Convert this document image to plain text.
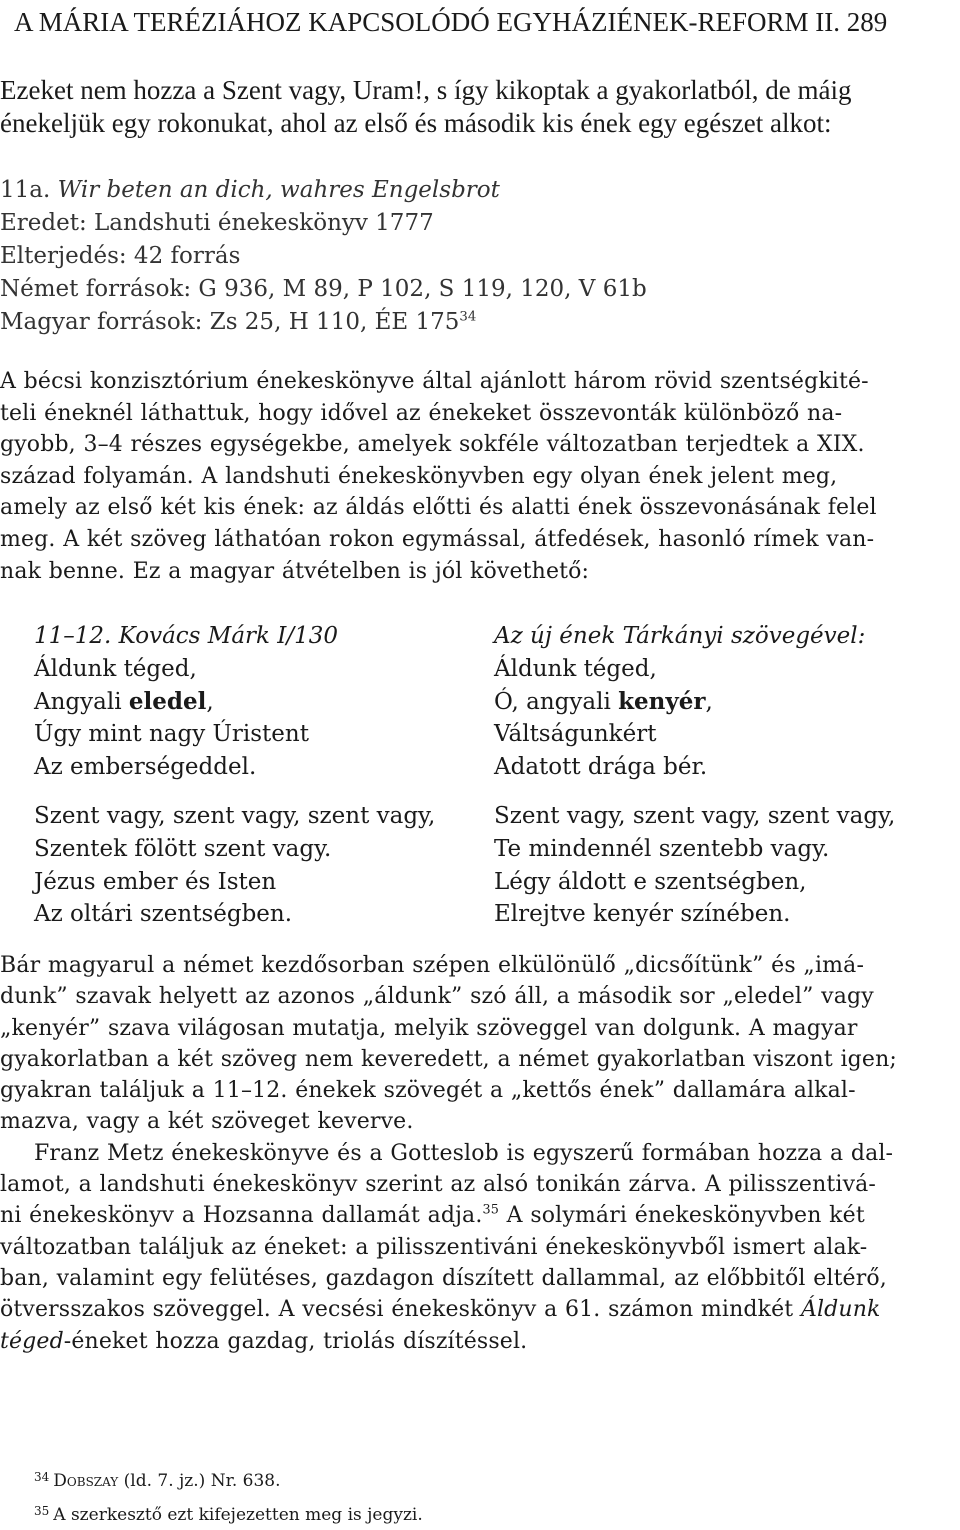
A MÁRIA TERÉZIÁHOZ KAPCSOLÓDÓ EGYHÁZIÉNEK-REFORM II. 289

Ezeket nem hozza a Szent vagy, Uram!, s így kikoptak a gyakorlatból, de máig

énekeljük egy rokonukat, ahol az első és második kis ének egy egészet alkot:

11a. Wir beten an dich, wahres Engelsbrot
Eredet: Landshuti énekeskönyv 1777
Elterjedés: 42 forrás
Német források: G 936, M 89, P 102, S 119, 120, V 61b
Magyar források: Zs 25, H 110, ÉE $175^{34}$

A bécsi konzisztórium énekeskönyve által ajánlott három rövid szentségkité-

teli éneknél láthattuk, hogy idővel az énekeket összevonták különböző na-

gyobb, 3–4 részes egységekbe, amelyek sokféle változatban terjedtek a XIX.

század folyamán. A landshuti énekeskönyvben egy olyan ének jelent meg,

amely az első két kis ének: az áldás előtti és alatti ének összevonásának felel

meg. A két szöveg láthatóan rokon egymással, átfedések, hasonló rímek van-

nak benne. Ez a magyar átvételben is jól követhető:

11–12. Kovács Márk I/130
Áldunk téged,
Angyali eledel,
Úgy mint nagy Úristent
Az emberségeddel.
Szent vagy, szent vagy, szent vagy,
Szentek fölött szent vagy.
Jézus ember és Isten
Az oltári szentségben.
Az új ének Tárkányi szövegével:
Áldunk téged,
Ó, angyali kenyér,
Váltságunkért
Adatott drága bér.
Szent vagy, szent vagy, szent vagy,
Te mindennél szentebb vagy.
Légy áldott e szentségben,
Elrejtve kenyér színében.

Bár magyarul a német kezdősorban szépen elkülönülő „dicsőítünk” és „imá-

dunk” szavak helyett az azonos „áldunk” szó áll, a második sor „eledel” vagy

„kenyér” szava világosan mutatja, melyik szöveggel van dolgunk. A magyar

gyakorlatban a két szöveg nem keveredett, a német gyakorlatban viszont igen;

gyakran találjuk a 11–12. énekek szövegét a „kettős ének” dallamára alkal-

mazva, vagy a két szöveget keverve.

Franz Metz énekeskönyve és a Gotteslob is egyszerű formában hozza a dal-

lamot, a landshuti énekeskönyv szerint az alsó tonikán zárva. A pilisszentivá-

ni énekeskönyv a Hozsanna dallamát adja.$^{35}$ A solymári énekeskönyvben két

változatban találjuk az éneket: a pilisszentiváni énekeskönyvből ismert alak-

ban, valamint egy felütéses, gazdagon díszített dallammal, az előbbitől eltérő,

ötversszakos szöveggel. A vecsési énekeskönyv a 61. számon mindkét Áldunk

téged-éneket hozza gazdag, triolás díszítéssel.

$^{34}$ Dobszay (ld. 7. jz.) Nr. 638.
$^{35}$ A szerkesztő ezt kifejezetten meg is jegyzi.
